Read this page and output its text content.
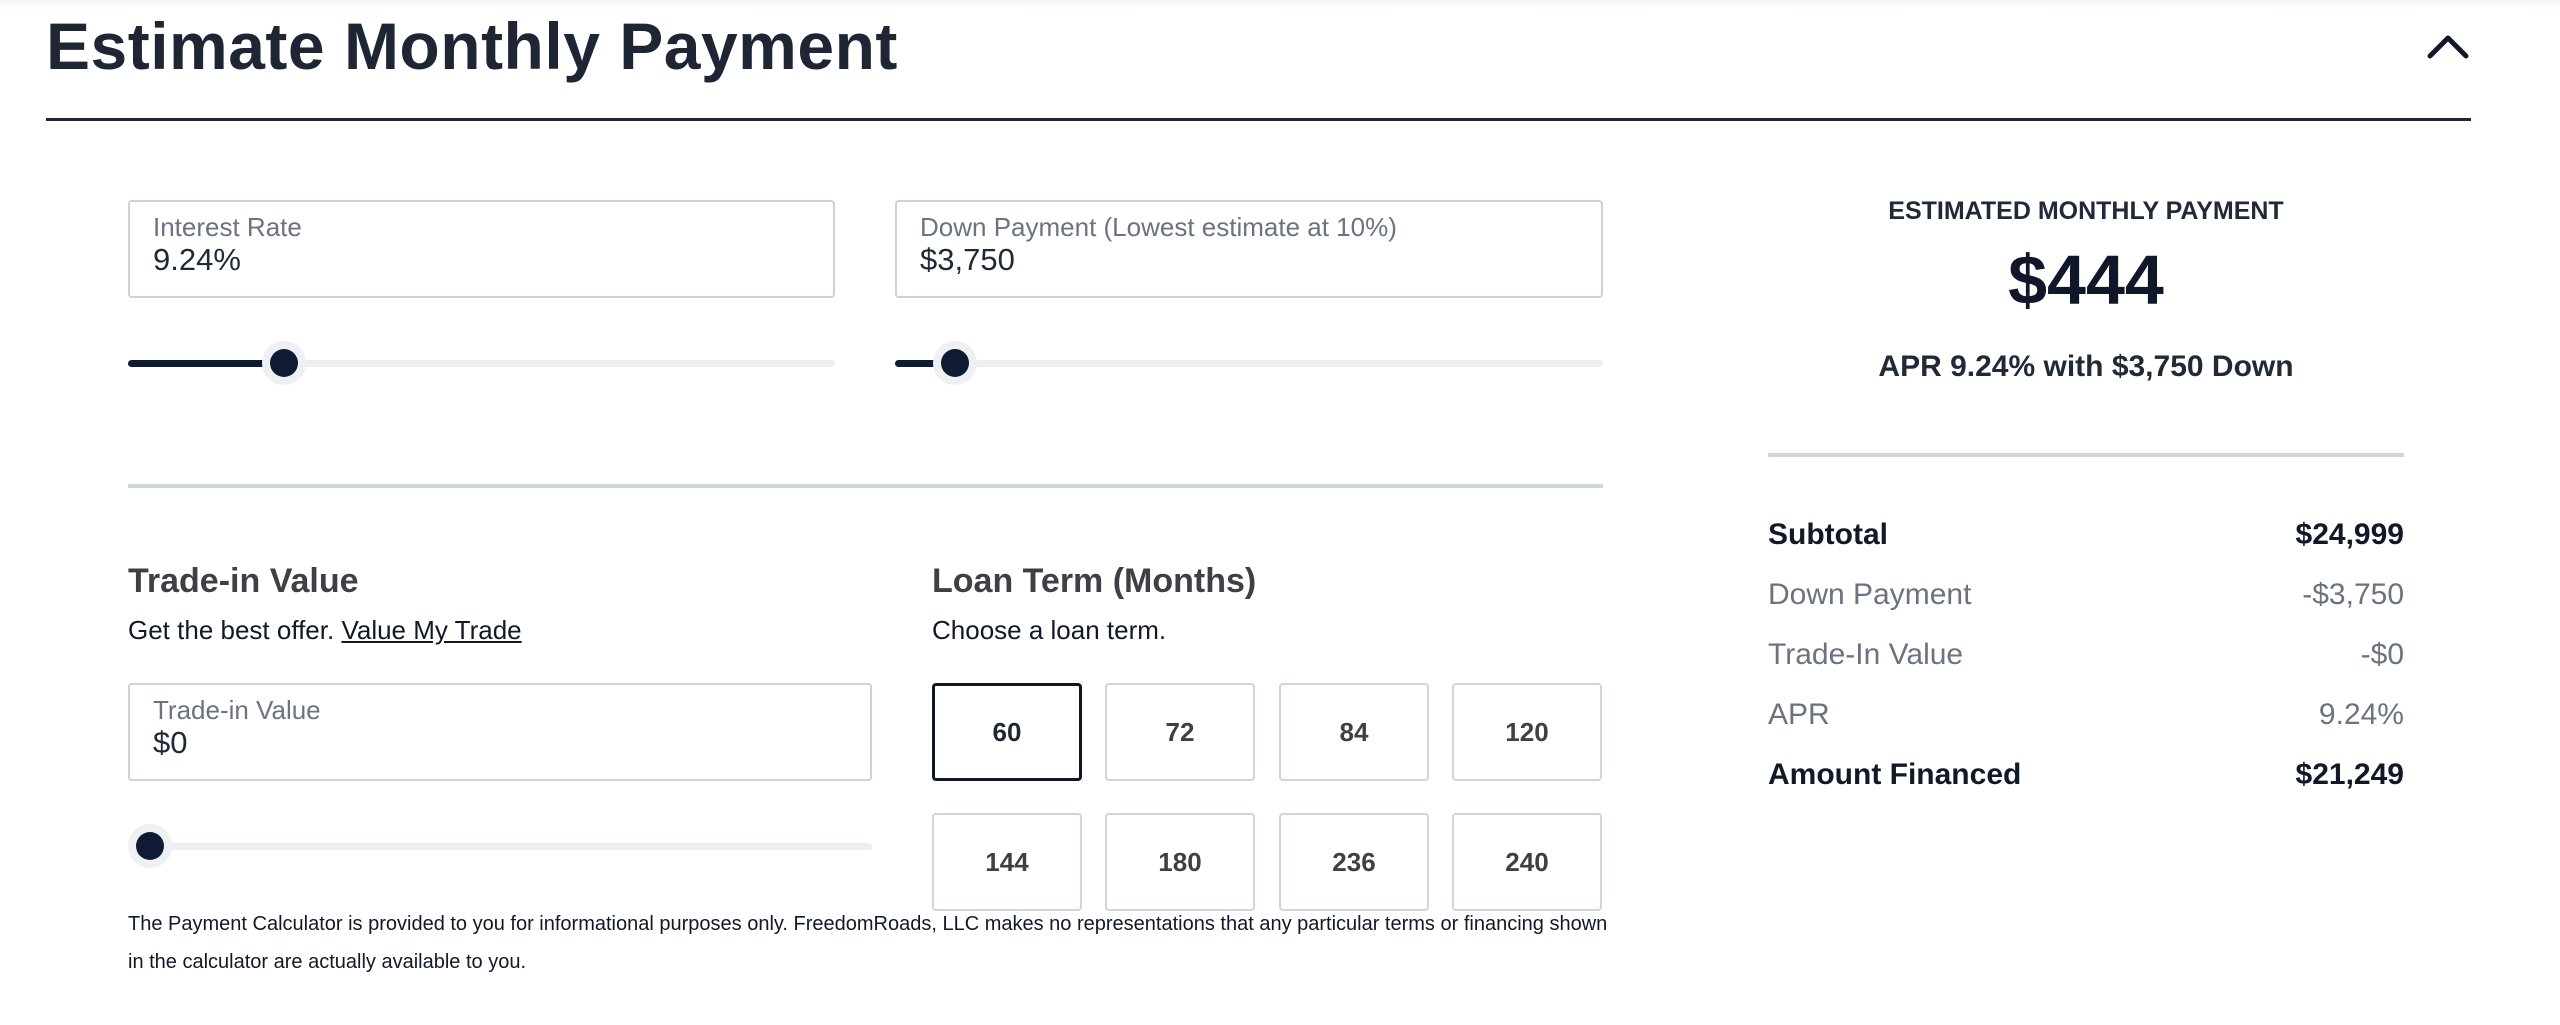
Estimate Monthly Payment
Interest Rate
9.24%
Down Payment (Lowest estimate at 10%)
$3,750
Trade-in Value
Get the best offer. Value My Trade
Trade-in Value
$0
Loan Term (Months)
Choose a loan term.
60	72	84	120
144	180	236	240
The Payment Calculator is provided to you for informational purposes only. FreedomRoads, LLC makes no representations that any particular terms or financing shown in the calculator are actually available to you.
ESTIMATED MONTHLY PAYMENT
$444
APR 9.24% with $3,750 Down
Subtotal	$24,999
Down Payment	-$3,750
Trade-In Value	-$0
APR	9.24%
Amount Financed	$21,249
